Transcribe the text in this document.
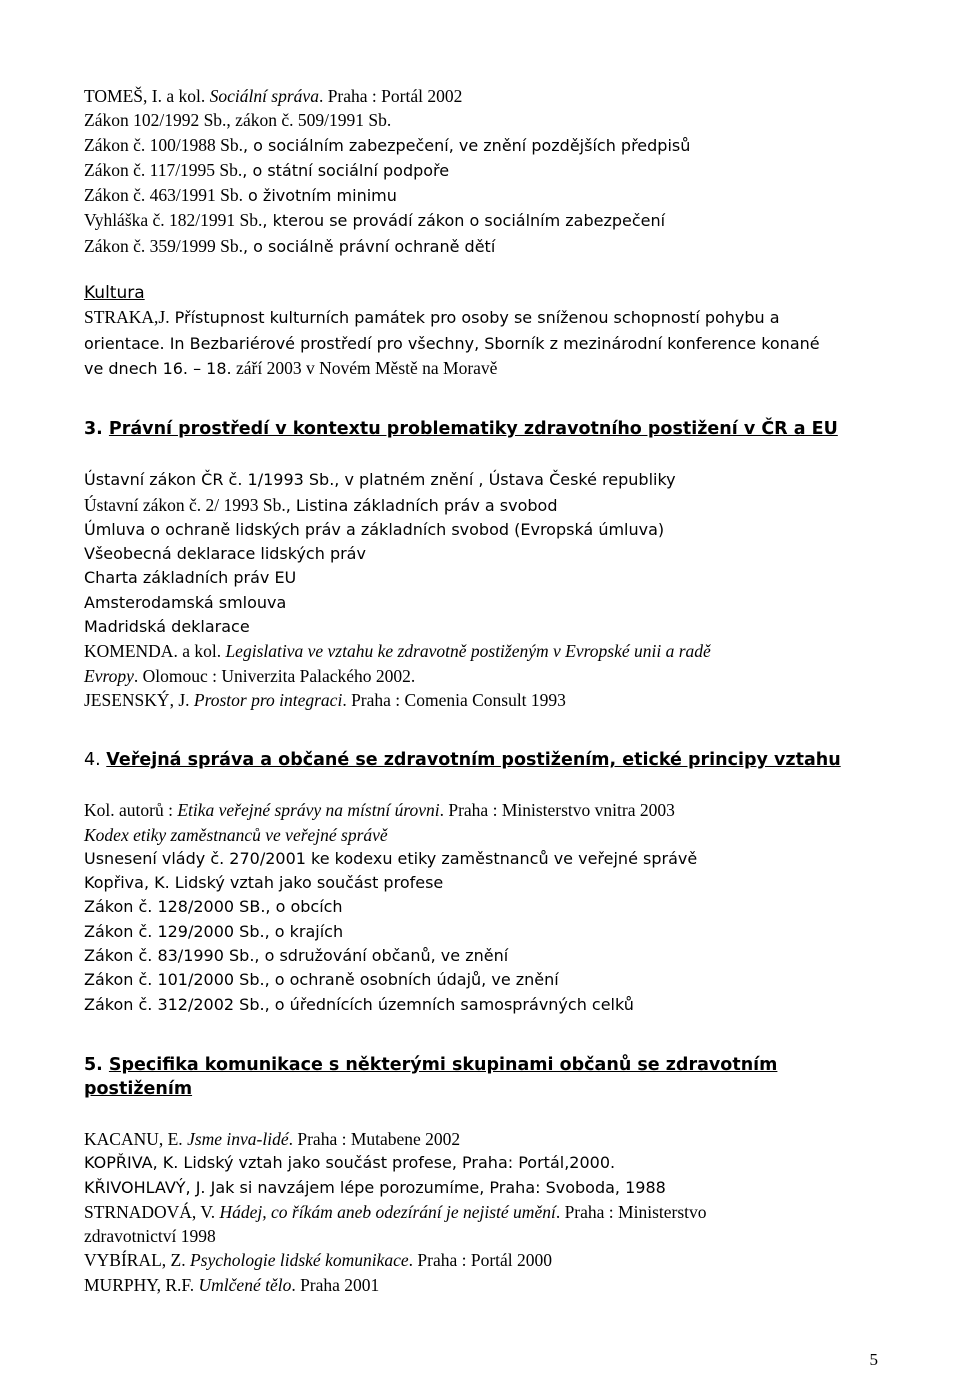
TOMEŠ, I. a kol. Sociální správa. Praha : Portál 2002
Zákon 102/1992 Sb., zákon č. 509/1991 Sb.
Zákon č. 100/1988 Sb., o sociálním zabezpečení, ve znění pozdějších předpisů
Zákon č. 117/1995 Sb., o státní sociální podpoře
Zákon č. 463/1991 Sb. o životním minimu
Vyhláška č. 182/1991 Sb., kterou se provádí zákon o sociálním zabezpečení
Zákon č. 359/1999 Sb., o sociálně právní ochraně dětí
Kultura
STRAKA,J. Přístupnost kulturních památek pro osoby se sníženou schopností pohybu a
orientace. In Bezbariérové prostředí pro všechny, Sborník z mezinárodní konference konané
ve dnech 16. – 18. září 2003 v Novém Městě na Moravě
3. Právní prostředí v kontextu problematiky zdravotního postižení v ČR a EU
Ústavní zákon ČR č. 1/1993 Sb., v platném znění , Ústava České republiky
Ústavní zákon č. 2/ 1993 Sb., Listina základních práv a svobod
Úmluva o ochraně lidských práv a základních svobod (Evropská úmluva)
Všeobecná deklarace lidských práv
Charta základních práv EU
Amsterodamská smlouva
Madridská deklarace
KOMENDA. a kol. Legislativa ve vztahu ke zdravotně postiženým v Evropské unii a radě
Evropy. Olomouc : Univerzita Palackého 2002.
JESENSKÝ, J. Prostor pro integraci. Praha : Comenia Consult 1993
4. Veřejná správa a občané se zdravotním postižením, etické principy vztahu
Kol. autorů : Etika veřejné správy na místní úrovni. Praha : Ministerstvo vnitra 2003
Kodex etiky zaměstnanců ve veřejné správě
Usnesení vlády č. 270/2001 ke kodexu etiky zaměstnanců ve veřejné správě
Kopřiva, K. Lidský vztah jako součást profese
Zákon č. 128/2000 SB., o obcích
Zákon č. 129/2000 Sb., o krajích
Zákon č. 83/1990 Sb., o sdružování občanů, ve znění
Zákon č. 101/2000 Sb., o ochraně osobních údajů, ve znění
Zákon č. 312/2002 Sb., o úřednících územních samosprávných celků
5. Specifika komunikace s některými skupinami občanů se zdravotním postižením
KACANU, E. Jsme inva-lidé. Praha : Mutabene 2002
KOPŘIVA, K. Lidský vztah jako součást profese, Praha: Portál,2000.
KŘIVOHLAVÝ, J. Jak si navzájem lépe porozumíme, Praha: Svoboda, 1988
STRNADOVÁ, V. Hádej, co říkám aneb odezírání je nejisté umění. Praha : Ministerstvo
zdravotnictví 1998
VYBÍRAL, Z. Psychologie lidské komunikace. Praha : Portál 2000
MURPHY, R.F. Umlčené tělo. Praha 2001
5
